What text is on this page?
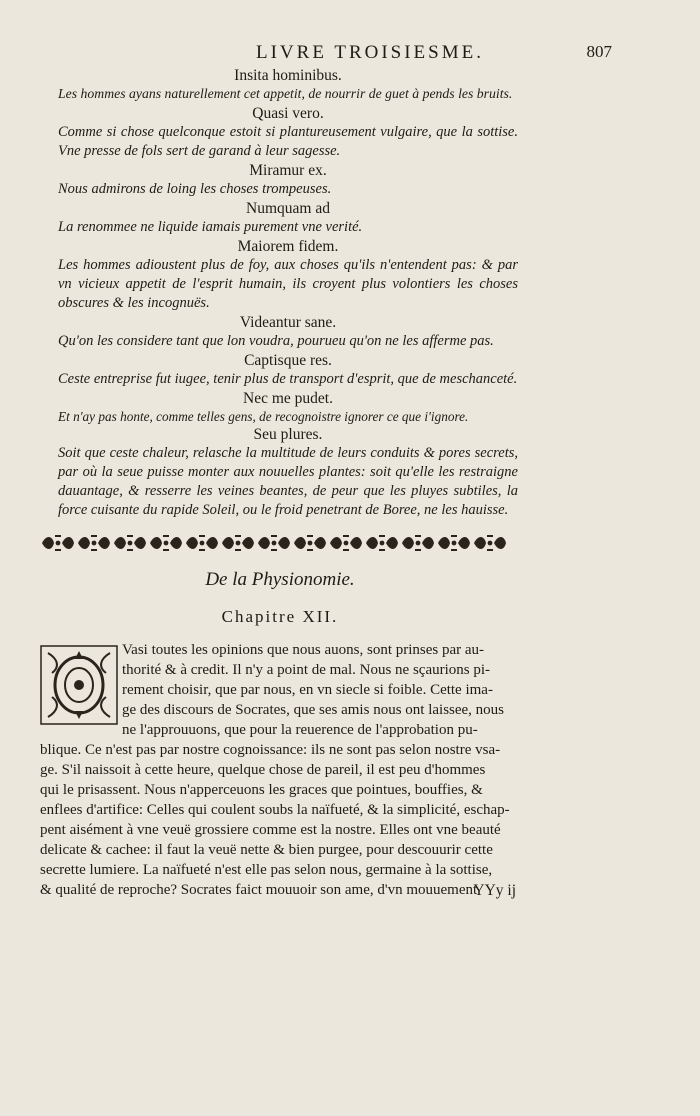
LIVRE TROISIESME.	807
Insita hominibus.
Les hommes ayans naturellement cet appetit, de nourrir de guet à pends les bruits.
Quasi vero.
Comme si chose quelconque estoit si plantureusement vulgaire, que la sottise. Vne presse de fols sert de garand à leur sagesse.
Miramur ex.
Nous admirons de loing les choses trompeuses.
Numquam ad
La renommee ne liquide iamais purement vne verité.
Maiorem fidem.
Les hommes adioustent plus de foy, aux choses qu'ils n'entendent pas: & par vn vicieux appetit de l'esprit humain, ils croyent plus volontiers les choses obscures & les incognuës.
Videantur sane.
Qu'on les considere tant que lon voudra, pourueu qu'on ne les afferme pas.
Captisque res.
Ceste entreprise fut iugee, tenir plus de transport d'esprit, que de meschanceté.
Nec me pudet.
Et n'ay pas honte, comme telles gens, de recognoistre ignorer ce que i'ignore.
Seu plures.
Soit que ceste chaleur, relasche la multitude de leurs conduits & pores secrets, par où la seue puisse monter aux nouuelles plantes: soit qu'elle les restraigne dauantage, & resserre les veines beantes, de peur que les pluyes subtiles, la force cuisante du rapide Soleil, ou le froid penetrant de Boree, ne les hauisse.
De la Physionomie.
Chapitre XII.
Vasi toutes les opinions que nous auons, sont prinses par au-
thorité & à credit. Il n'y a point de mal. Nous ne sçaurions pi-
rement choisir, que par nous, en vn siecle si foible. Cette ima-
ge des discours de Socrates, que ses amis nous ont laissee, nous
ne l'approuuons, que pour la reuerence de l'approbation pu-
blique. Ce n'est pas par nostre cognoissance: ils ne sont pas selon nostre vsa-
ge. S'il naissoit à cette heure, quelque chose de pareil, il est peu d'hommes
qui le prisassent. Nous n'apperceuons les graces que pointues, bouffies, &
enflees d'artifice: Celles qui coulent soubs la naïfueté, & la simplicité, eschap-
pent aisément à vne veuë grossiere comme est la nostre. Elles ont vne beauté
delicate & cachee: il faut la veuë nette & bien purgee, pour descouurir cette
secrette lumiere. La naïfueté n'est elle pas selon nous, germaine à la sottise,
& qualité de reproche? Socrates faict mouuoir son ame, d'vn mouuement
YYy ij
